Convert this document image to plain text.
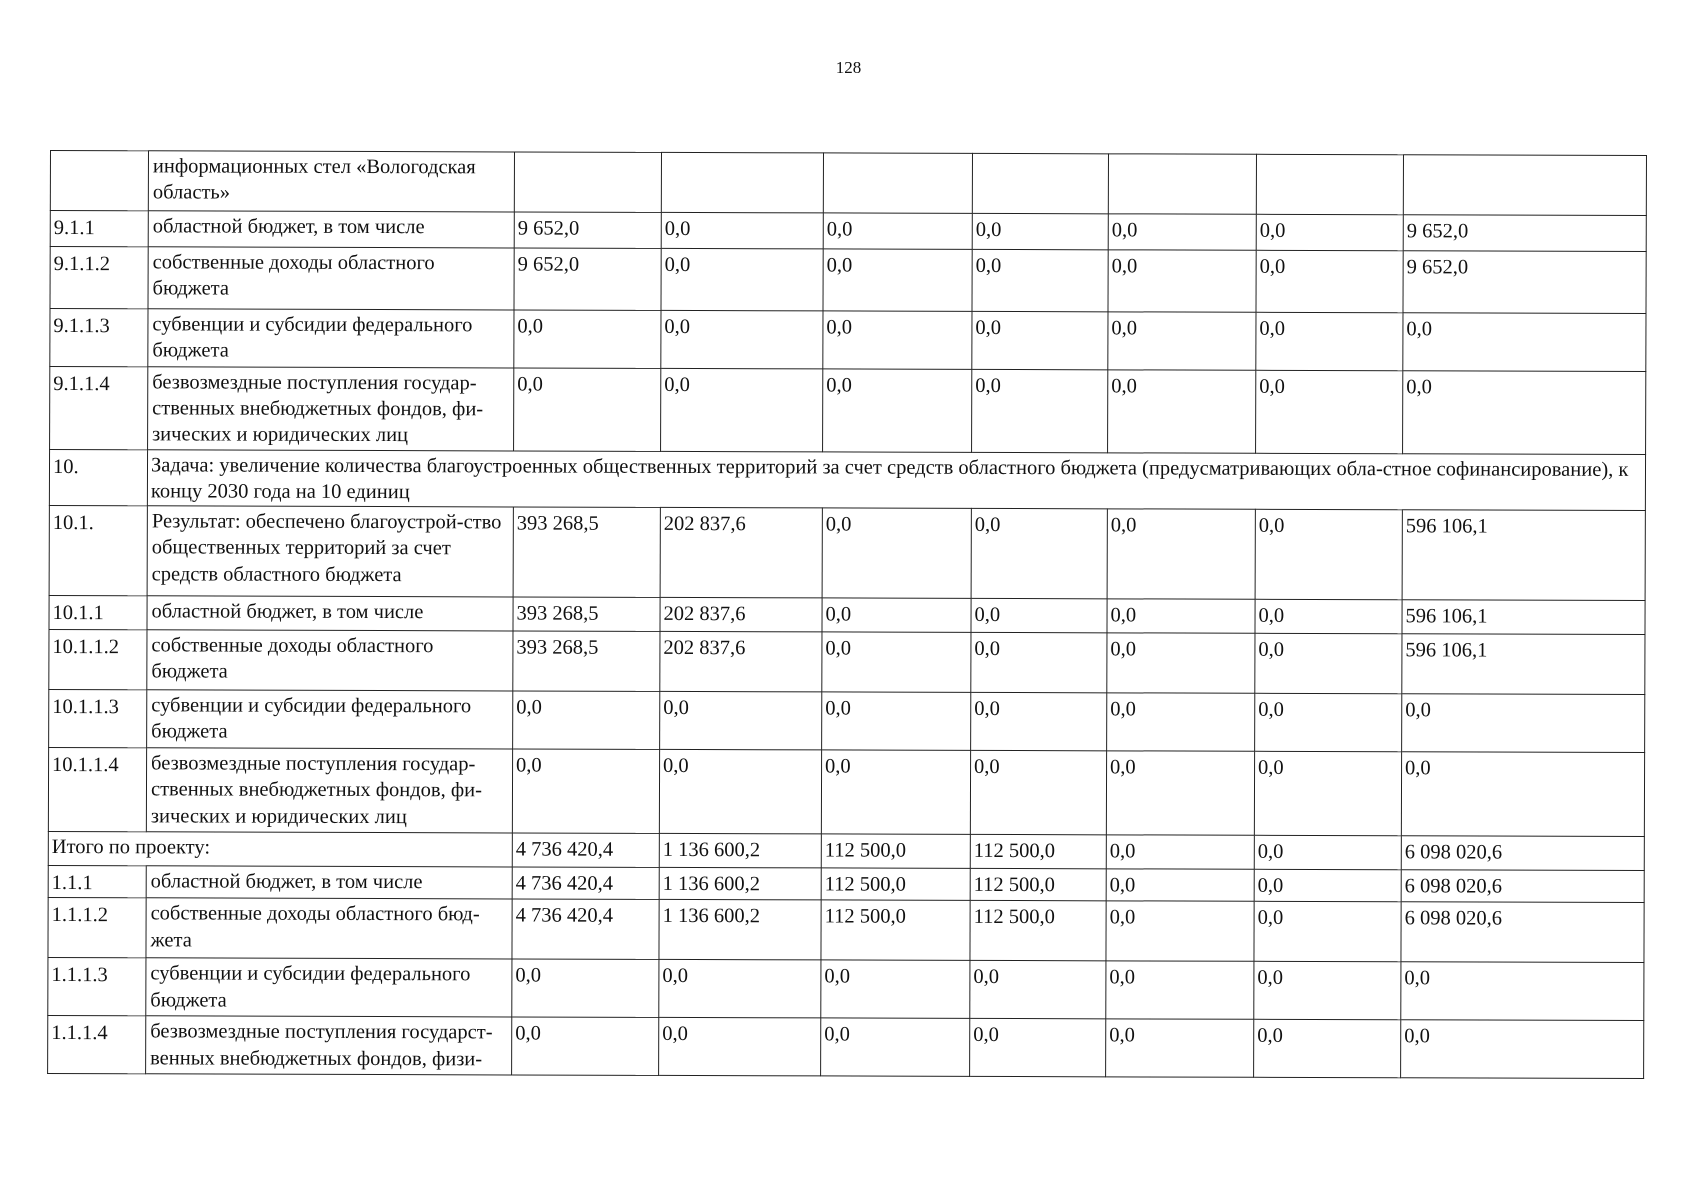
128
	информационных стел «Вологодская область»							
9.1.1	областной бюджет, в том числе	9 652,0	0,0	0,0	0,0	0,0	0,0	9 652,0
9.1.1.2	собственные доходы областного бюджета	9 652,0	0,0	0,0	0,0	0,0	0,0	9 652,0
9.1.1.3	субвенции и субсидии федерального бюджета	0,0	0,0	0,0	0,0	0,0	0,0	0,0
9.1.1.4	безвозмездные поступления государ-ственных внебюджетных фондов, фи-зических и юридических лиц	0,0	0,0	0,0	0,0	0,0	0,0	0,0
10.	Задача: увеличение количества благоустроенных общественных территорий за счет средств областного бюджета (предусматривающих обла-стное софинансирование), к концу 2030 года на 10 единиц							
10.1.	Результат: обеспечено благоустрой-ство общественных территорий за счет средств областного бюджета	393 268,5	202 837,6	0,0	0,0	0,0	0,0	596 106,1
10.1.1	областной бюджет, в том числе	393 268,5	202 837,6	0,0	0,0	0,0	0,0	596 106,1
10.1.1.2	собственные доходы областного бюджета	393 268,5	202 837,6	0,0	0,0	0,0	0,0	596 106,1
10.1.1.3	субвенции и субсидии федерального бюджета	0,0	0,0	0,0	0,0	0,0	0,0	0,0
10.1.1.4	безвозмездные поступления государ-ственных внебюджетных фондов, фи-зических и юридических лиц	0,0	0,0	0,0	0,0	0,0	0,0	0,0
Итого по проекту:		4 736 420,4	1 136 600,2	112 500,0	112 500,0	0,0	0,0	6 098 020,6
1.1.1	областной бюджет, в том числе	4 736 420,4	1 136 600,2	112 500,0	112 500,0	0,0	0,0	6 098 020,6
1.1.1.2	собственные доходы областного бюд-жета	4 736 420,4	1 136 600,2	112 500,0	112 500,0	0,0	0,0	6 098 020,6
1.1.1.3	субвенции и субсидии федерального бюджета	0,0	0,0	0,0	0,0	0,0	0,0	0,0
1.1.1.4	безвозмездные поступления государст-венных внебюджетных фондов, физи-	0,0	0,0	0,0	0,0	0,0	0,0	0,0
